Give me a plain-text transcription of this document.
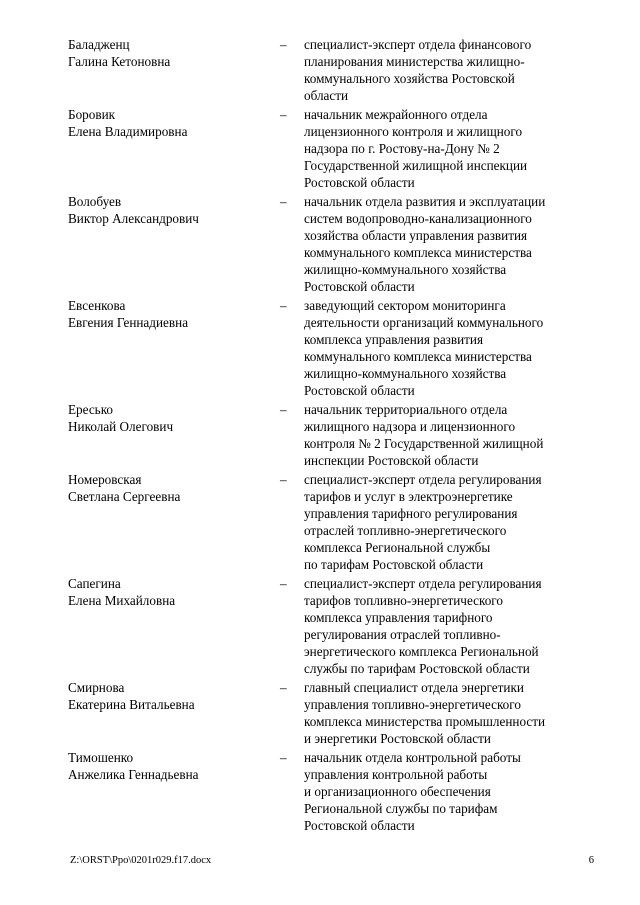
Баладженц
Галина Кетоновна
– специалист-эксперт отдела финансового
планирования министерства жилищно-
коммунального хозяйства Ростовской
области
Боровик
Елена Владимировна
– начальник межрайонного отдела
лицензионного контроля и жилищного
надзора по г. Ростову-на-Дону № 2
Государственной жилищной инспекции
Ростовской области
Волобуев
Виктор Александрович
– начальник отдела развития и эксплуатации
систем водопроводно-канализационного
хозяйства области управления развития
коммунального комплекса министерства
жилищно-коммунального хозяйства
Ростовской области
Евсенкова
Евгения Геннадиевна
– заведующий сектором мониторинга
деятельности организаций коммунального
комплекса управления развития
коммунального комплекса министерства
жилищно-коммунального хозяйства
Ростовской области
Ересько
Николай Олегович
– начальник территориального отдела
жилищного надзора и лицензионного
контроля № 2 Государственной жилищной
инспекции Ростовской области
Номеровская
Светлана Сергеевна
– специалист-эксперт отдела регулирования
тарифов и услуг в электроэнергетике
управления тарифного регулирования
отраслей топливно-энергетического
комплекса Региональной службы
по тарифам Ростовской области
Сапегина
Елена Михайловна
– специалист-эксперт отдела регулирования
тарифов топливно-энергетического
комплекса управления тарифного
регулирования отраслей топливно-
энергетического комплекса Региональной
службы по тарифам Ростовской области
Смирнова
Екатерина Витальевна
– главный специалист отдела энергетики
управления топливно-энергетического
комплекса министерства промышленности
и энергетики Ростовской области
Тимошенко
Анжелика Геннадьевна
– начальник отдела контрольной работы
управления контрольной работы
и организационного обеспечения
Региональной службы по тарифам
Ростовской области
Z:\ORST\Ppo\0201r029.f17.docx	6
